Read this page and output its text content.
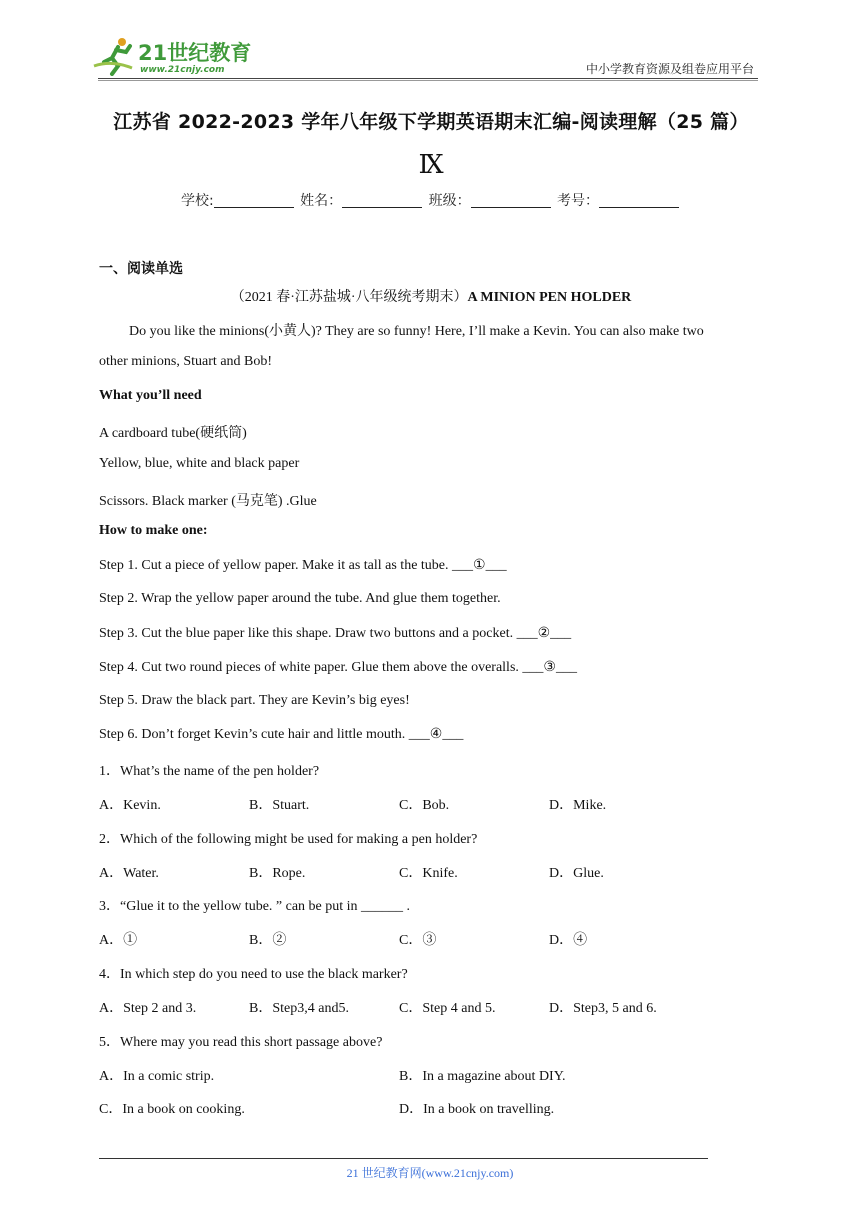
21世纪教育
www.21cnjy.com	中小学教育资源及组卷应用平台
江苏省 2022-2023 学年八年级下学期英语期末汇编-阅读理解（25 篇）
Ⅸ
学校:	姓名：	班级：	考号：
一、阅读单选
（2021 春·江苏盐城·八年级统考期末）A MINION PEN HOLDER
Do you like the minions(小黄人)? They are so funny! Here, I’ll make a Kevin. You can also make two
other minions, Stuart and Bob!
What you’ll need
A cardboard tube(硬纸筒)
Yellow, blue, white and black paper
Scissors. Black marker (马克笔) .Glue
How to make one:
Step 1. Cut a piece of yellow paper. Make it as tall as the tube. ___①___
Step 2. Wrap the yellow paper around the tube. And glue them together.
Step 3. Cut the blue paper like this shape. Draw two buttons and a pocket. ___②___
Step 4. Cut two round pieces of white paper. Glue them above the overalls. ___③___
Step 5. Draw the black part. They are Kevin’s big eyes!
Step 6. Don’t forget Kevin’s cute hair and little mouth. ___④___
1．What’s the name of the pen holder?
A．Kevin.	B．Stuart.	C．Bob.	D．Mike.
2．Which of the following might be used for making a pen holder?
A．Water.	B．Rope.	C．Knife.	D．Glue.
3．“Glue it to the yellow tube. ” can be put in ______ .
A．①	B．②	C．③	D．④
4．In which step do you need to use the black marker?
A．Step 2 and 3.	B．Step3,4 and5.	C．Step 4 and 5.	D．Step3, 5 and 6.
5．Where may you read this short passage above?
A．In a comic strip.	B．In a magazine about DIY.
C．In a book on cooking.	D．In a book on travelling.
21 世纪教育网(www.21cnjy.com)
